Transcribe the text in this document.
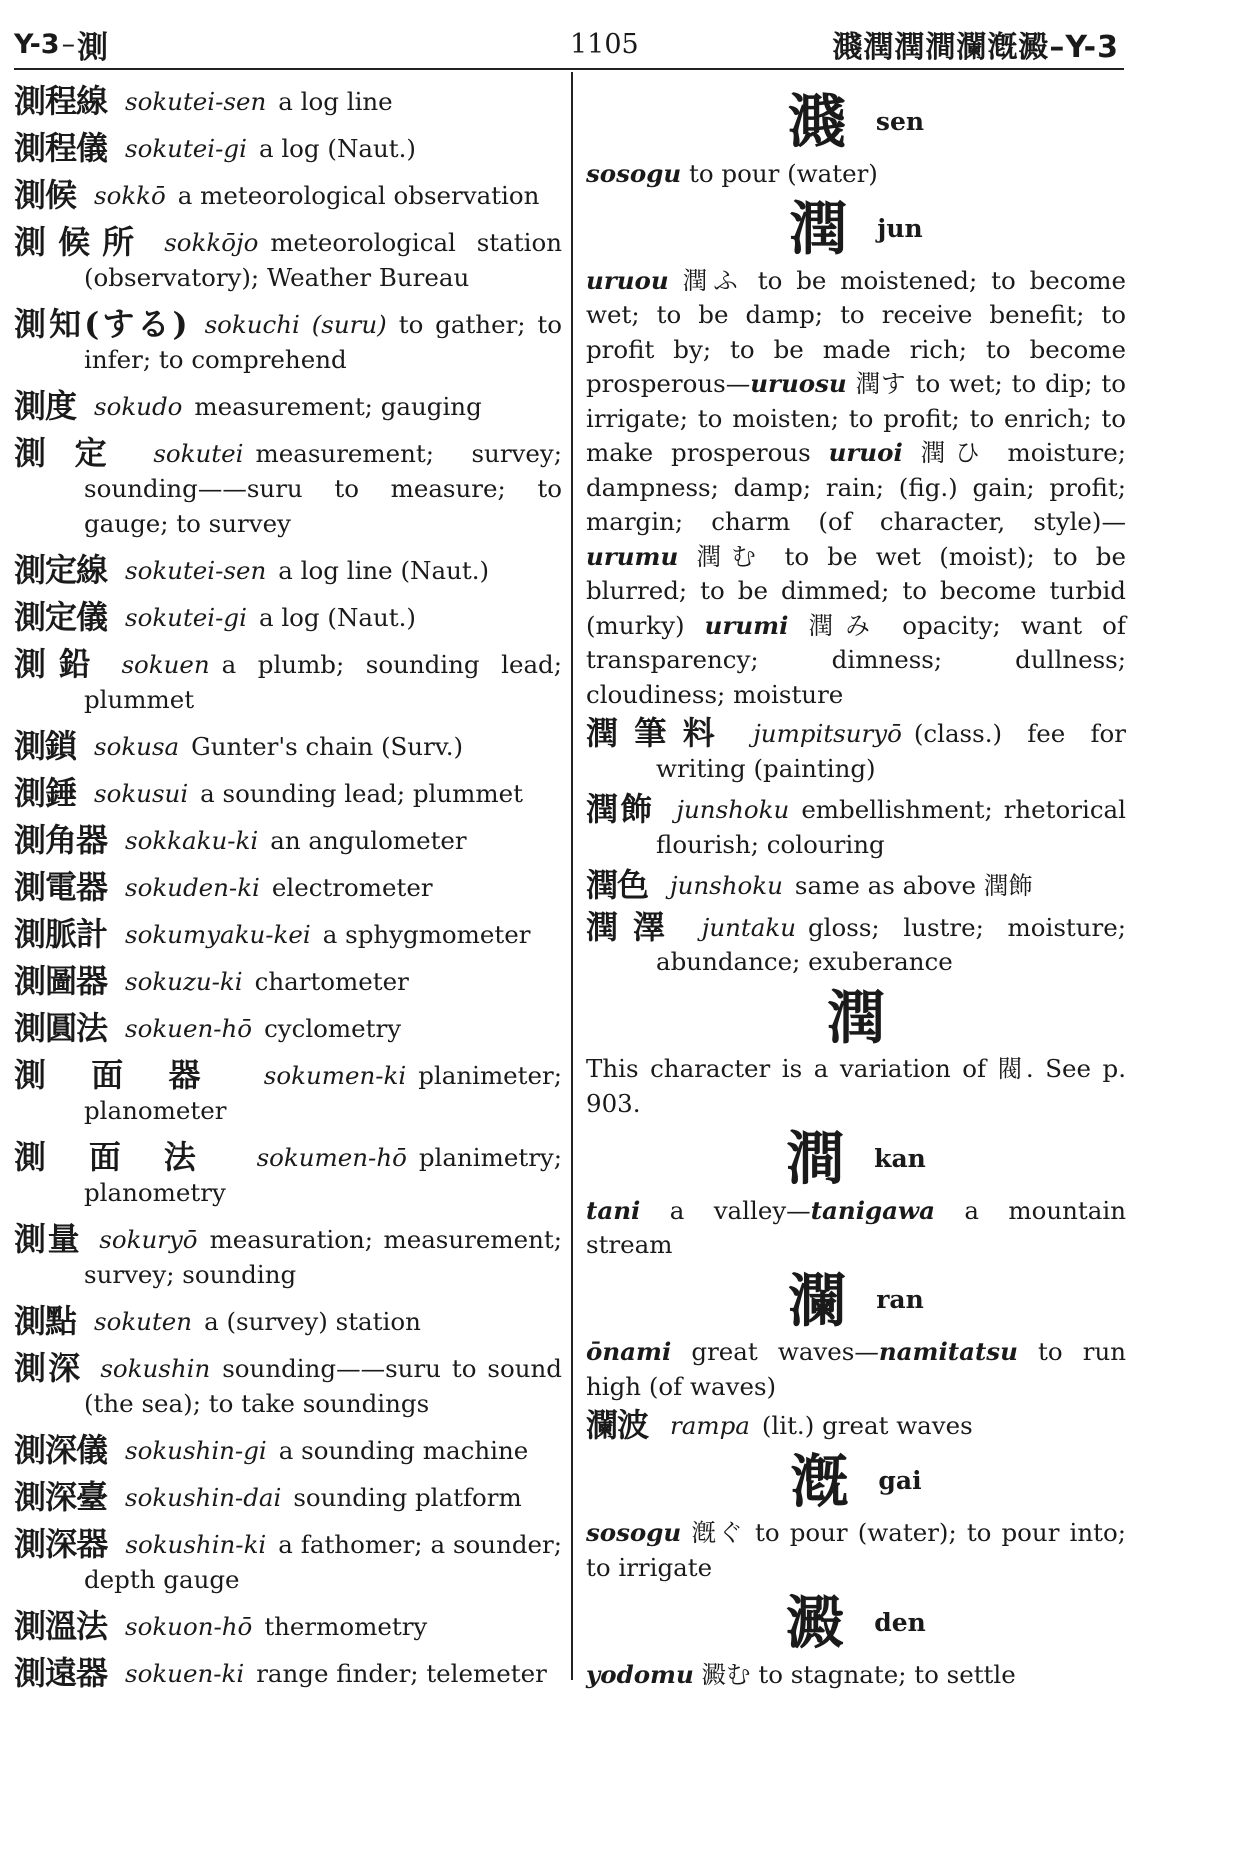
Y-3 – 測	1105	濺潤潤澗瀾漑澱–Y-3
測程線 sokutei-sen a log line
測程儀 sokutei-gi a log (Naut.)
測候 sokkō a meteorological observation
測候所 sokkōjo meteorological station (observatory); Weather Bureau
測知(する) sokuchi (suru) to gather; to infer; to comprehend
測度 sokudo measurement; gauging
測定 sokutei measurement; survey; sounding——suru to measure; to gauge; to survey
測定線 sokutei-sen a log line (Naut.)
測定儀 sokutei-gi a log (Naut.)
測鉛 sokuen a plumb; sounding lead; plummet
測鎖 sokusa Gunter's chain (Surv.)
測錘 sokusui a sounding lead; plummet
測角器 sokkaku-ki an angulometer
測電器 sokuden-ki electrometer
測脈計 sokumyaku-kei a sphygmometer
測圖器 sokuzu-ki chartometer
測圓法 sokuen-hō cyclometry
測面器 sokumen-ki planimeter; planometer
測面法 sokumen-hō planimetry; planometry
測量 sokuryō measuration; measurement; survey; sounding
測點 sokuten a (survey) station
測深 sokushin sounding——suru to sound (the sea); to take soundings
測深儀 sokushin-gi a sounding machine
測深臺 sokushin-dai sounding platform
測深器 sokushin-ki a fathomer; a sounder; depth gauge
測溫法 sokuon-hō thermometry
測遠器 sokuen-ki range finder; telemeter
濺 sen

sosogu to pour (water)

潤 jun

uruou 潤ふ to be moistened; to become wet; to be damp; to receive benefit; to profit by; to be made rich; to become prosperous—uruosu 潤す to wet; to dip; to irrigate; to moisten; to profit; to enrich; to make prosperous uruoi 潤ひ moisture; dampness; damp; rain; (fig.) gain; profit; margin; charm (of character, style)—urumu 潤む to be wet (moist); to be blurred; to be dimmed; to become turbid (murky) urumi 潤み opacity; want of transparency; dimness; dullness; cloudiness; moisture

潤筆料 jumpitsuryō (class.) fee for writing (painting)
潤飾 junshoku embellishment; rhetorical flourish; colouring
潤色 junshoku same as above 潤飾
潤澤 juntaku gloss; lustre; moisture; abundance; exuberance
潤

This character is a variation of 閥. See p. 903.

澗 kan

tani a valley—tanigawa a mountain stream

瀾 ran

ōnami great waves—namitatsu to run high (of waves)

瀾波 rampa (lit.) great waves
漑 gai

sosogu 漑ぐ to pour (water); to pour into; to irrigate

澱 den

yodomu 澱む to stagnate; to settle
